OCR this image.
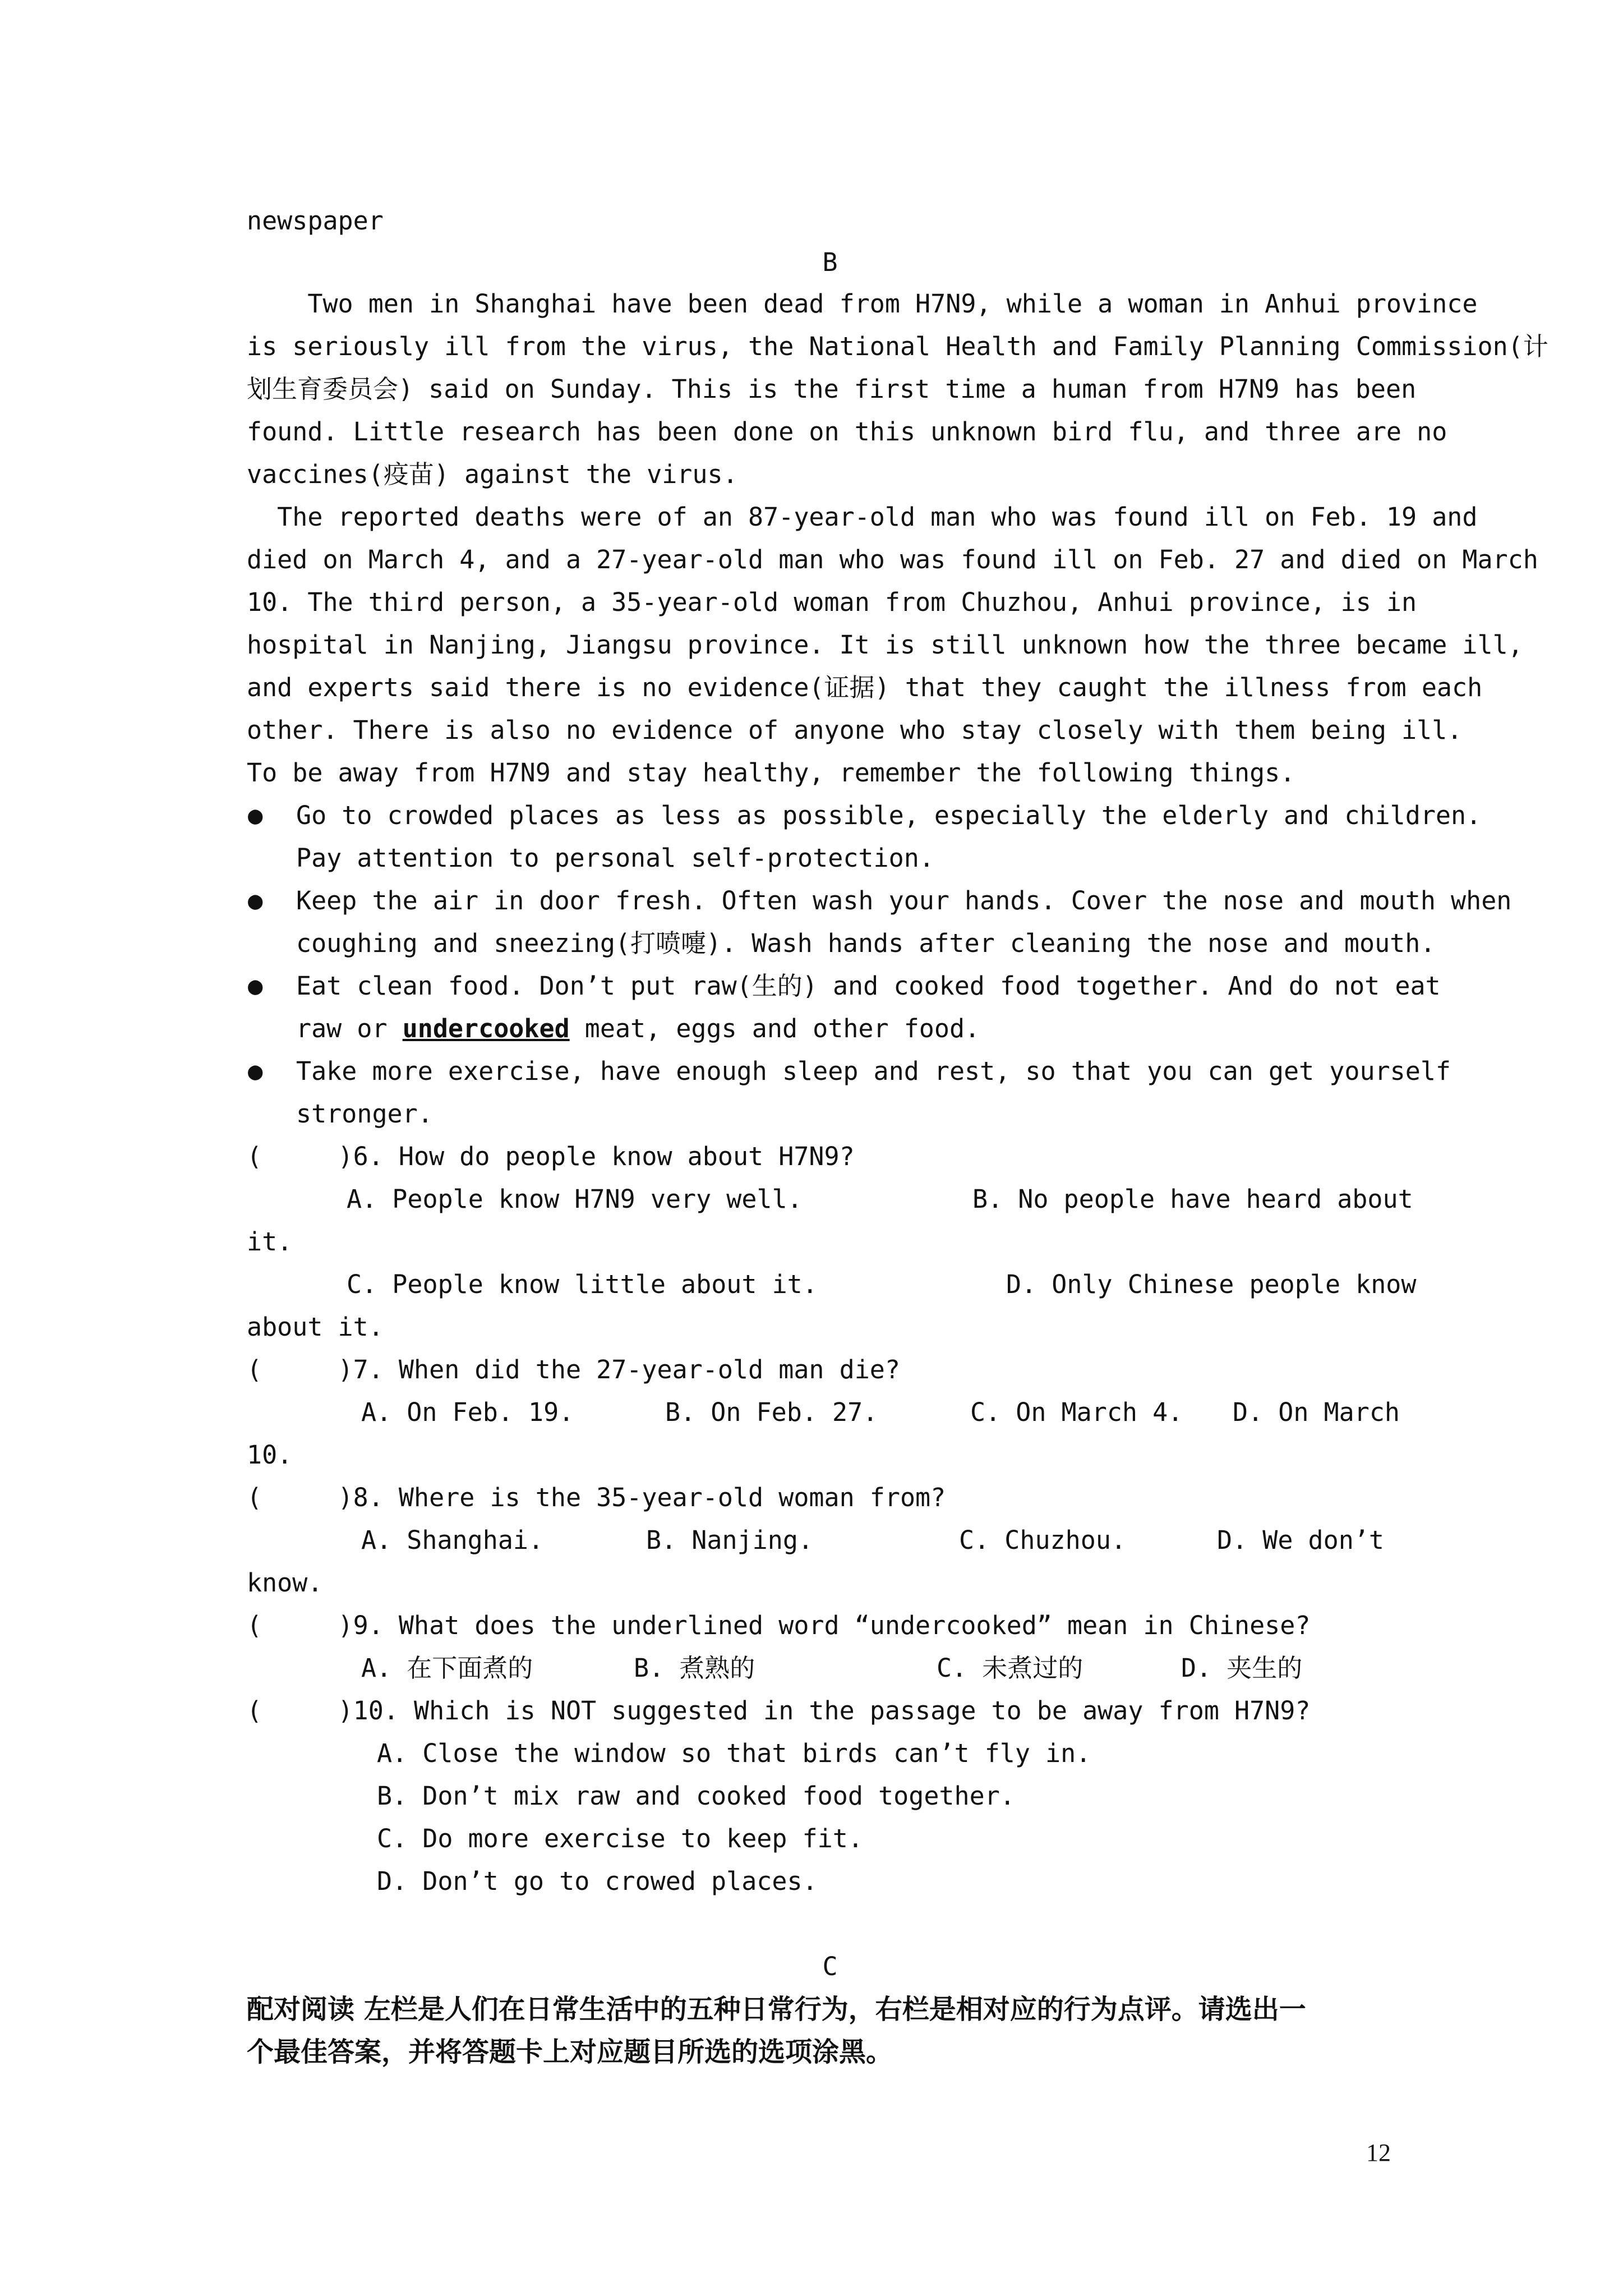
newspaper
B
Two men in Shanghai have been dead from H7N9, while a woman in Anhui province
is seriously ill from the virus, the National Health and Family Planning Commission(计
划生育委员会) said on Sunday. This is the first time a human from H7N9 has been
found. Little research has been done on this unknown bird flu, and three are no
vaccines(疫苗) against the virus.
The reported deaths were of an 87-year-old man who was found ill on Feb. 19 and
died on March 4, and a 27-year-old man who was found ill on Feb. 27 and died on March
10. The third person, a 35-year-old woman from Chuzhou, Anhui province, is in
hospital in Nanjing, Jiangsu province. It is still unknown how the three became ill,
and experts said there is no evidence(证据) that they caught the illness from each
other. There is also no evidence of anyone who stay closely with them being ill.
To be away from H7N9 and stay healthy, remember the following things.
● Go to crowded places as less as possible, especially the elderly and children.
Pay attention to personal self-protection.
● Keep the air in door fresh. Often wash your hands. Cover the nose and mouth when
coughing and sneezing(打喷嚏). Wash hands after cleaning the nose and mouth.
● Eat clean food. Don’t put raw(生的) and cooked food together. And do not eat
raw or undercooked meat, eggs and other food.
● Take more exercise, have enough sleep and rest, so that you can get yourself
stronger.
(     )6. How do people know about H7N9?
A. People know H7N9 very well.	B. No people have heard about
it.
C. People know little about it.	D. Only Chinese people know
about it.
(     )7. When did the 27-year-old man die?
A. On Feb. 19.	B. On Feb. 27.	C. On March 4. D. On March
10.
(     )8. Where is the 35-year-old woman from?
A. Shanghai.	B. Nanjing.	C. Chuzhou.	D. We don’t
know.
(     )9. What does the underlined word “undercooked” mean in Chinese?
A. 在下面煮的	B. 煮熟的	C. 未煮过的	D. 夹生的
(     )10. Which is NOT suggested in the passage to be away from H7N9?
A. Close the window so that birds can’t fly in.
B. Don’t mix raw and cooked food together.
C. Do more exercise to keep fit.
D. Don’t go to crowed places.
C
配对阅读 左栏是人们在日常生活中的五种日常行为，右栏是相对应的行为点评。请选出一
个最佳答案，并将答题卡上对应题目所选的选项涂黑。
12
